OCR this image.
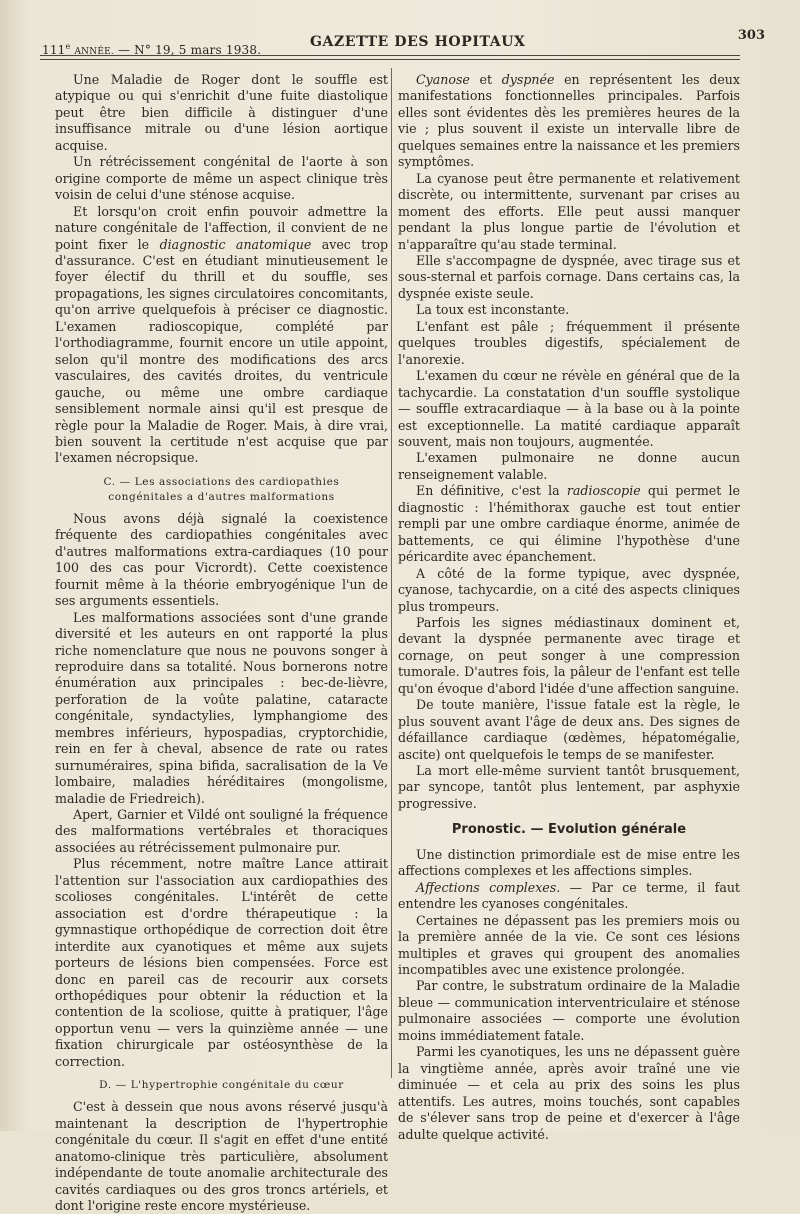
111e ANNÉE. — N° 19, 5 mars 1938.	GAZETTE DES HOPITAUX	303

Une Maladie de Roger dont le souffle est atypique ou qui s'enrichit d'une fuite diastolique peut être bien difficile à distinguer d'une insuffisance mitrale ou d'une lésion aortique acquise.

Un rétrécissement congénital de l'aorte à son origine comporte de même un aspect clinique très voisin de celui d'une sténose acquise.

Et lorsqu'on croit enfin pouvoir admettre la nature congénitale de l'affection, il convient de ne point fixer le diagnostic anatomique avec trop d'assurance. C'est en étudiant minutieusement le foyer électif du thrill et du souffle, ses propagations, les signes circulatoires concomitants, qu'on arrive quelquefois à préciser ce diagnostic. L'examen radioscopique, complété par l'orthodiagramme, fournit encore un utile appoint, selon qu'il montre des modifications des arcs vasculaires, des cavités droites, du ventricule gauche, ou même une ombre cardiaque sensiblement normale ainsi qu'il est presque de règle pour la Maladie de Roger. Mais, à dire vrai, bien souvent la certitude n'est acquise que par l'examen nécropsique.

C. — Les associations des cardiopathies
congénitales a d'autres malformations

Nous avons déjà signalé la coexistence fréquente des cardiopathies congénitales avec d'autres malformations extra-cardiaques (10 pour 100 des cas pour Vicrordt). Cette coexistence fournit même à la théorie embryogénique l'un de ses arguments essentiels.

Les malformations associées sont d'une grande diversité et les auteurs en ont rapporté la plus riche nomenclature que nous ne pouvons songer à reproduire dans sa totalité. Nous bornerons notre énumération aux principales : bec-de-lièvre, perforation de la voûte palatine, cataracte congénitale, syndactylies, lymphangiome des membres inférieurs, hypospadias, cryptorchidie, rein en fer à cheval, absence de rate ou rates surnuméraires, spina bifida, sacralisation de la Ve lombaire, maladies héréditaires (mongolisme, maladie de Friedreich).

Apert, Garnier et Vildé ont souligné la fréquence des malformations vertébrales et thoraciques associées au rétrécissement pulmonaire pur.

Plus récemment, notre maître Lance attirait l'attention sur l'association aux cardiopathies des scolioses congénitales. L'intérêt de cette association est d'ordre thérapeutique : la gymnastique orthopédique de correction doit être interdite aux cyanotiques et même aux sujets porteurs de lésions bien compensées. Force est donc en pareil cas de recourir aux corsets orthopédiques pour obtenir la réduction et la contention de la scoliose, quitte à pratiquer, l'âge opportun venu — vers la quinzième année — une fixation chirurgicale par ostéosynthèse de la correction.

D. — L'hypertrophie congénitale du cœur

C'est à dessein que nous avons réservé jusqu'à maintenant la description de l'hypertrophie congénitale du cœur. Il s'agit en effet d'une entité anatomo-clinique très particulière, absolument indépendante de toute anomalie architecturale des cavités cardiaques ou des gros troncs artériels, et dont l'origine reste encore mystérieuse.

Cyanose et dyspnée en représentent les deux manifestations fonctionnelles principales. Parfois elles sont évidentes dès les premières heures de la vie ; plus souvent il existe un intervalle libre de quelques semaines entre la naissance et les premiers symptômes.

La cyanose peut être permanente et relativement discrète, ou intermittente, survenant par crises au moment des efforts. Elle peut aussi manquer pendant la plus longue partie de l'évolution et n'apparaître qu'au stade terminal.

Elle s'accompagne de dyspnée, avec tirage sus et sous-sternal et parfois cornage. Dans certains cas, la dyspnée existe seule.

La toux est inconstante.

L'enfant est pâle ; fréquemment il présente quelques troubles digestifs, spécialement de l'anorexie.

L'examen du cœur ne révèle en général que de la tachycardie. La constatation d'un souffle systolique — souffle extracardiaque — à la base ou à la pointe est exceptionnelle. La matité cardiaque apparaît souvent, mais non toujours, augmentée.

L'examen pulmonaire ne donne aucun renseignement valable.

En définitive, c'est la radioscopie qui permet le diagnostic : l'hémithorax gauche est tout entier rempli par une ombre cardiaque énorme, animée de battements, ce qui élimine l'hypothèse d'une péricardite avec épanchement.

A côté de la forme typique, avec dyspnée, cyanose, tachycardie, on a cité des aspects cliniques plus trompeurs.

Parfois les signes médiastinaux dominent et, devant la dyspnée permanente avec tirage et cornage, on peut songer à une compression tumorale. D'autres fois, la pâleur de l'enfant est telle qu'on évoque d'abord l'idée d'une affection sanguine.

De toute manière, l'issue fatale est la règle, le plus souvent avant l'âge de deux ans. Des signes de défaillance cardiaque (œdèmes, hépatomégalie, ascite) ont quelquefois le temps de se manifester.

La mort elle-même survient tantôt brusquement, par syncope, tantôt plus lentement, par asphyxie progressive.

Pronostic. — Evolution générale

Une distinction primordiale est de mise entre les affections complexes et les affections simples.

Affections complexes. — Par ce terme, il faut entendre les cyanoses congénitales.

Certaines ne dépassent pas les premiers mois ou la première année de la vie. Ce sont ces lésions multiples et graves qui groupent des anomalies incompatibles avec une existence prolongée.

Par contre, le substratum ordinaire de la Maladie bleue — communication interventriculaire et sténose pulmonaire associées — comporte une évolution moins immédiatement fatale.

Parmi les cyanotiques, les uns ne dépassent guère la vingtième année, après avoir traîné une vie diminuée — et cela au prix des soins les plus attentifs. Les autres, moins touchés, sont capables de s'élever sans trop de peine et d'exercer à l'âge adulte quelque activité.
